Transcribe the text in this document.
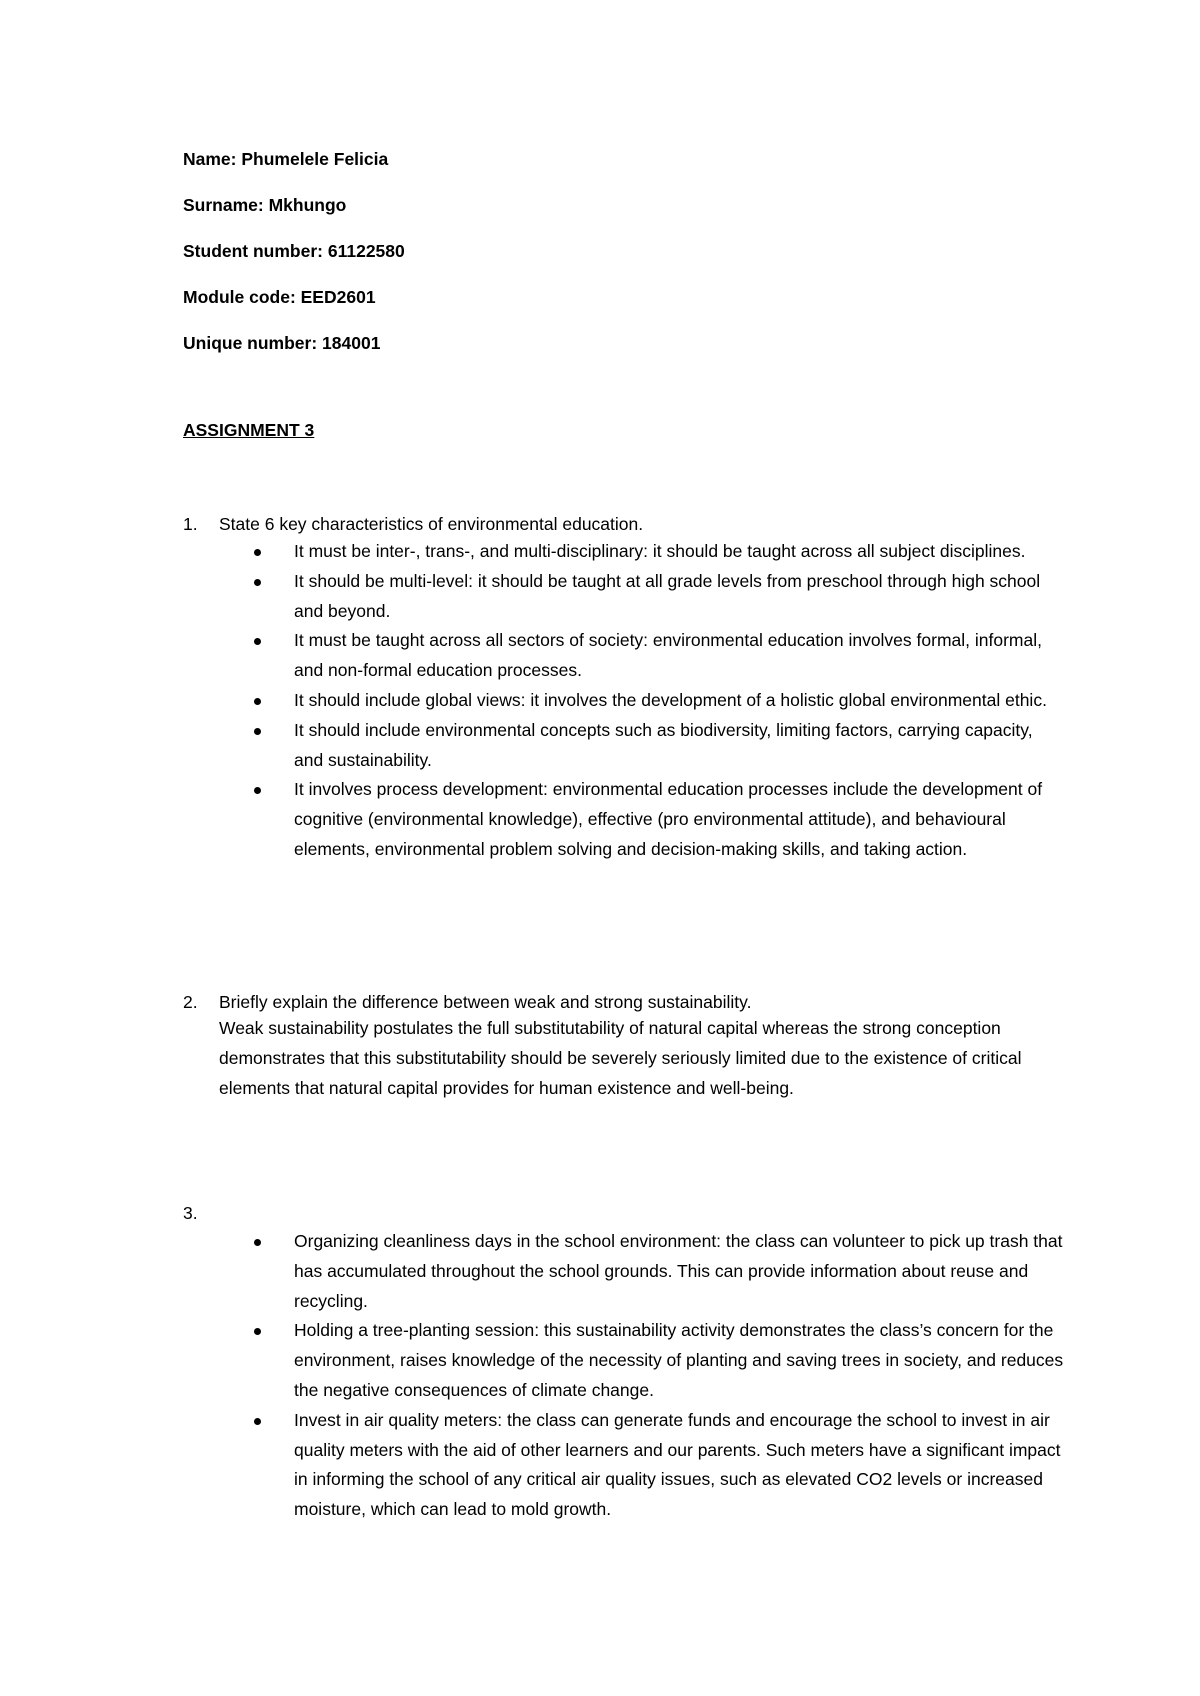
Name: Phumelele Felicia
Surname: Mkhungo
Student number: 61122580
Module code: EED2601
Unique number: 184001
ASSIGNMENT 3
1. State 6 key characteristics of environmental education.
It must be inter-, trans-, and multi-disciplinary: it should be taught across all subject disciplines.
It should be multi-level: it should be taught at all grade levels from preschool through high school and beyond.
It must be taught across all sectors of society: environmental education involves formal, informal, and non-formal education processes.
It should include global views: it involves the development of a holistic global environmental ethic.
It should include environmental concepts such as biodiversity, limiting factors, carrying capacity, and sustainability.
It involves process development: environmental education processes include the development of cognitive (environmental knowledge), effective (pro environmental attitude), and behavioural elements, environmental problem solving and decision-making skills, and taking action.
2. Briefly explain the difference between weak and strong sustainability.

Weak sustainability postulates the full substitutability of natural capital whereas the strong conception demonstrates that this substitutability should be severely seriously limited due to the existence of critical elements that natural capital provides for human existence and well-being.

3.
Organizing cleanliness days in the school environment: the class can volunteer to pick up trash that has accumulated throughout the school grounds. This can provide information about reuse and recycling.
Holding a tree-planting session: this sustainability activity demonstrates the class’s concern for the environment, raises knowledge of the necessity of planting and saving trees in society, and reduces the negative consequences of climate change.
Invest in air quality meters: the class can generate funds and encourage the school to invest in air quality meters with the aid of other learners and our parents. Such meters have a significant impact in informing the school of any critical air quality issues, such as elevated CO2 levels or increased moisture, which can lead to mold growth.
